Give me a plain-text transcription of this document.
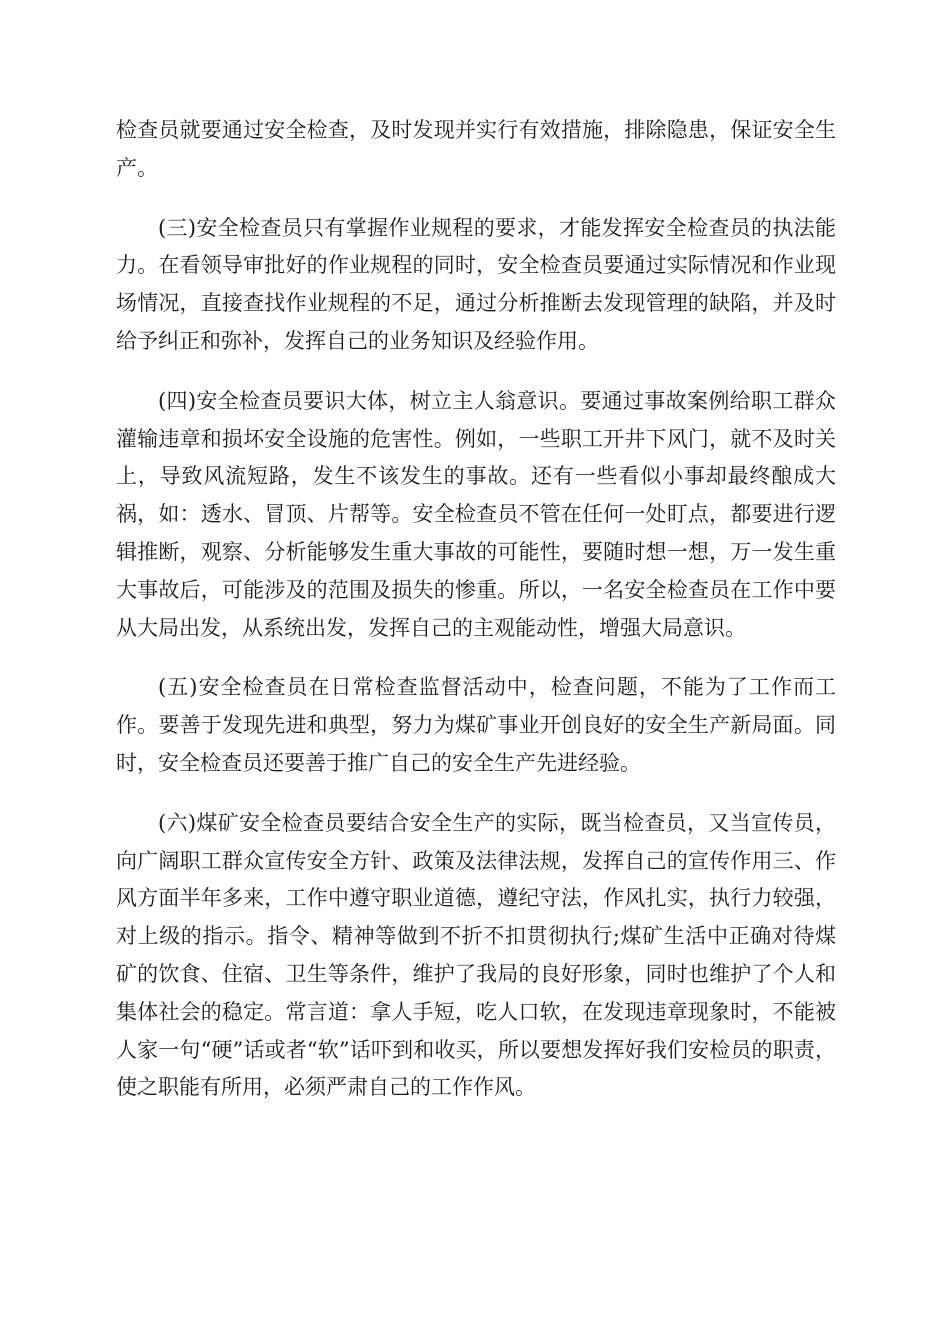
检查员就要通过安全检查，及时发现并实行有效措施，排除隐患，保证安全生产。

(三)安全检查员只有掌握作业规程的要求，才能发挥安全检查员的执法能力。在看领导审批好的作业规程的同时，安全检查员要通过实际情况和作业现场情况，直接查找作业规程的不足，通过分析推断去发现管理的缺陷，并及时给予纠正和弥补，发挥自己的业务知识及经验作用。

(四)安全检查员要识大体，树立主人翁意识。要通过事故案例给职工群众灌输违章和损坏安全设施的危害性。例如，一些职工开井下风门，就不及时关上，导致风流短路，发生不该发生的事故。还有一些看似小事却最终酿成大祸，如：透水、冒顶、片帮等。安全检查员不管在任何一处盯点，都要进行逻辑推断，观察、分析能够发生重大事故的可能性，要随时想一想，万一发生重大事故后，可能涉及的范围及损失的惨重。所以，一名安全检查员在工作中要从大局出发，从系统出发，发挥自己的主观能动性，增强大局意识。

(五)安全检查员在日常检查监督活动中，检查问题，不能为了工作而工作。要善于发现先进和典型，努力为煤矿事业开创良好的安全生产新局面。同时，安全检查员还要善于推广自己的安全生产先进经验。

(六)煤矿安全检查员要结合安全生产的实际，既当检查员，又当宣传员，向广阔职工群众宣传安全方针、政策及法律法规，发挥自己的宣传作用三、作风方面半年多来，工作中遵守职业道德，遵纪守法，作风扎实，执行力较强，对上级的指示。指令、精神等做到不折不扣贯彻执行;煤矿生活中正确对待煤矿的饮食、住宿、卫生等条件，维护了我局的良好形象，同时也维护了个人和集体社会的稳定。常言道：拿人手短，吃人口软，在发现违章现象时，不能被人家一句“硬”话或者“软”话吓到和收买，所以要想发挥好我们安检员的职责，使之职能有所用，必须严肃自己的工作作风。
